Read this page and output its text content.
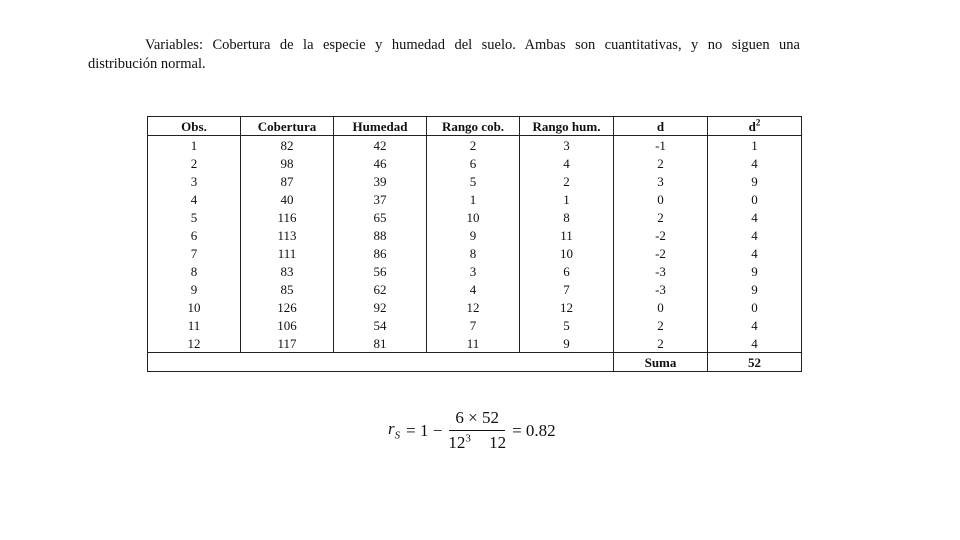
Variables: Cobertura de la especie y humedad del suelo. Ambas son cuantitativas, y no siguen una
distribución normal.
Obs.	Cobertura	Humedad	Rango cob.	Rango hum.	d	$d^2$
1	82	42	2	3	-1	1
2	98	46	6	4	2	4
3	87	39	5	2	3	9
4	40	37	1	1	0	0
5	116	65	10	8	2	4
6	113	88	9	11	-2	4
7	111	86	8	10	-2	4
8	83	56	3	6	-3	9
9	85	62	4	7	-3	9
10	126	92	12	12	0	0
11	106	54	7	5	2	4
12	117	81	11	9	2	4
					Suma	52
$r_S = 1 - \frac{6 \times 52}{12^3 12} = 0.82$
